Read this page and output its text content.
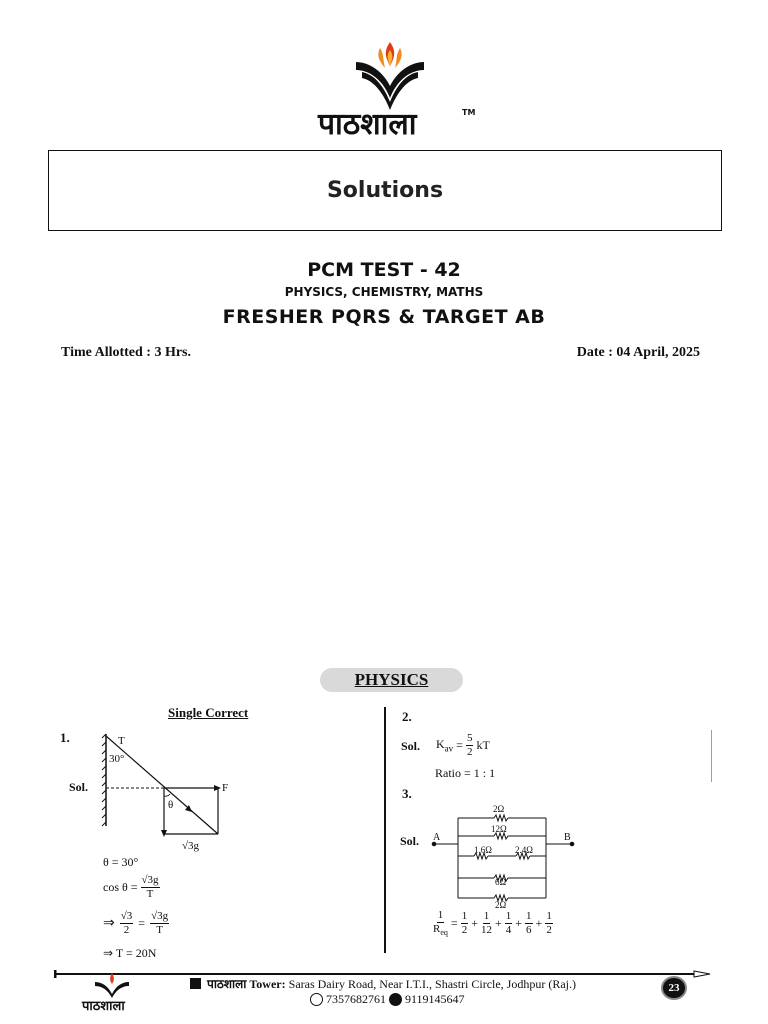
पाठशाला	TM
Solutions
PCM TEST - 42
PHYSICS, CHEMISTRY, MATHS
FRESHER PQRS & TARGET AB
Time Allotted : 3 Hrs.	Date : 04 April, 2025
PHYSICS
Single Correct
1.
Sol.
T
30°
F
θ
√3g
θ = 30°
$\cos \theta = \frac{√3g}{T}$
⇒ $\frac{√3}{2} = \frac{√3g}{T}$
⇒ T = 20N
2.
Sol. $K_{av} = \frac{5}{2}$ kT
Ratio = 1 : 1
3.
Sol. A	B
2Ω
12Ω
1.6Ω	2.4Ω
6Ω
2Ω
$\frac{1}{R_{eq}} = \frac{1}{2} + \frac{1}{12} + \frac{1}{4} + \frac{1}{6} + \frac{1}{2}$
पाठशाला
पाठशाला Tower: Saras Dairy Road, Near I.T.I., Shastri Circle, Jodhpur (Raj.)
7357682761 9119145647
23
